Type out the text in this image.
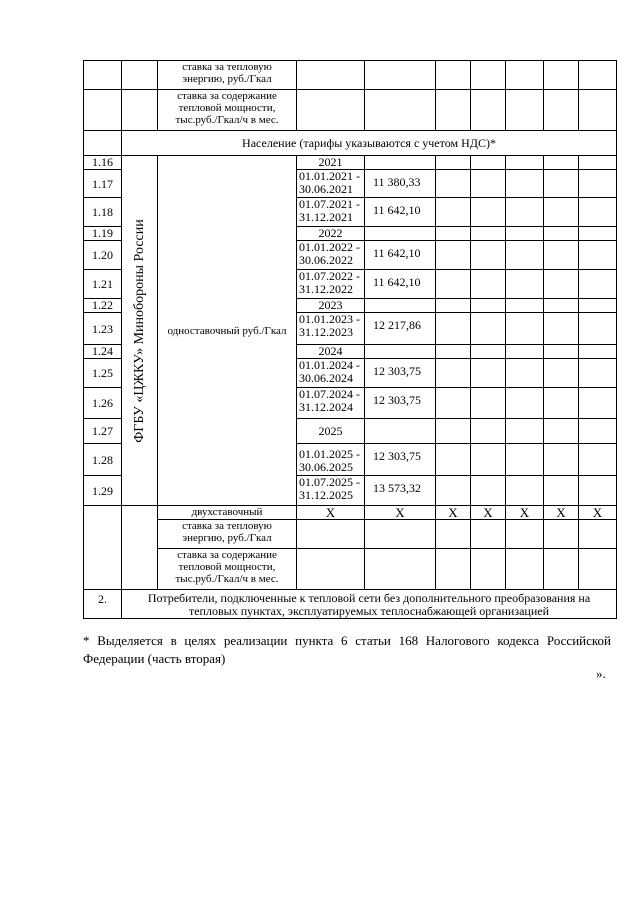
		ставка за тепловую энергию, руб./Гкал							
		ставка за содержание тепловой мощности, тыс.руб./Гкал/ч в мес.							
	Население (тарифы указываются с учетом НДС)*								
1.16	ФГБУ «ЦЖКУ» Минобороны России	одноставочный руб./Гкал	2021						
1.17			01.01.2021 - 30.06.2021	11 380,33					
1.18			01.07.2021 - 31.12.2021	11 642,10					
1.19			2022						
1.20			01.01.2022 - 30.06.2022	11 642,10					
1.21			01.07.2022 - 31.12.2022	11 642,10					
1.22			2023						
1.23			01.01.2023 - 31.12.2023	12 217,86					
1.24			2024						
1.25			01.01.2024 - 30.06.2024	12 303,75					
1.26			01.07.2024 - 31.12.2024	12 303,75					
1.27			2025						
1.28			01.01.2025 - 30.06.2025	12 303,75					
1.29			01.07.2025 - 31.12.2025	13 573,32					
		двухставочный	X	X	X	X	X	X	X
		ставка за тепловую энергию, руб./Гкал							
		ставка за содержание тепловой мощности, тыс.руб./Гкал/ч в мес.							
2.	Потребители, подключенные к тепловой сети без дополнительного преобразования на тепловых пунктах, эксплуатируемых теплоснабжающей организацией								
* Выделяется в целях реализации пункта 6 статьи 168 Налогового кодекса Российской Федерации (часть вторая)
».
